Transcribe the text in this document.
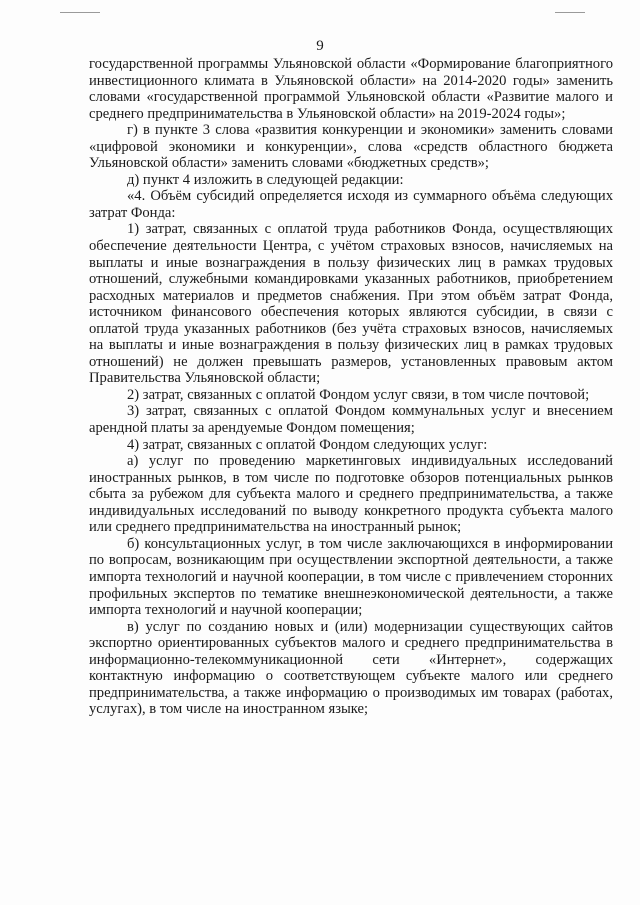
9

государственной программы Ульяновской области «Формирование благоприятного инвестиционного климата в Ульяновской области» на 2014-2020 годы» заменить словами «государственной программой Ульяновской области «Развитие малого и среднего предпринимательства в Ульяновской области» на 2019-2024 годы»;

г) в пункте 3 слова «развития конкуренции и экономики» заменить словами «цифровой экономики и конкуренции», слова «средств областного бюджета Ульяновской области» заменить словами «бюджетных средств»;

д) пункт 4 изложить в следующей редакции:

«4. Объём субсидий определяется исходя из суммарного объёма следующих затрат Фонда:

1) затрат, связанных с оплатой труда работников Фонда, осуществляющих обеспечение деятельности Центра, с учётом страховых взносов, начисляемых на выплаты и иные вознаграждения в пользу физических лиц в рамках трудовых отношений, служебными командировками указанных работников, приобретением расходных материалов и предметов снабжения. При этом объём затрат Фонда, источником финансового обеспечения которых являются субсидии, в связи с оплатой труда указанных работников (без учёта страховых взносов, начисляемых на выплаты и иные вознаграждения в пользу физических лиц в рамках трудовых отношений) не должен превышать размеров, установленных правовым актом Правительства Ульяновской области;

2) затрат, связанных с оплатой Фондом услуг связи, в том числе почтовой;

3) затрат, связанных с оплатой Фондом коммунальных услуг и внесением арендной платы за арендуемые Фондом помещения;

4) затрат, связанных с оплатой Фондом следующих услуг:

а) услуг по проведению маркетинговых индивидуальных исследований иностранных рынков, в том числе по подготовке обзоров потенциальных рынков сбыта за рубежом для субъекта малого и среднего предпринимательства, а также индивидуальных исследований по выводу конкретного продукта субъекта малого или среднего предпринимательства на иностранный рынок;

б) консультационных услуг, в том числе заключающихся в информировании по вопросам, возникающим при осуществлении экспортной деятельности, а также импорта технологий и научной кооперации, в том числе с привлечением сторонних профильных экспертов по тематике внешнеэкономической деятельности, а также импорта технологий и научной кооперации;

в) услуг по созданию новых и (или) модернизации существующих сайтов экспортно ориентированных субъектов малого и среднего предпринимательства в информационно-телекоммуникационной сети «Интернет», содержащих контактную информацию о соответствующем субъекте малого или среднего предпринимательства, а также информацию о производимых им товарах (работах, услугах), в том числе на иностранном языке;
